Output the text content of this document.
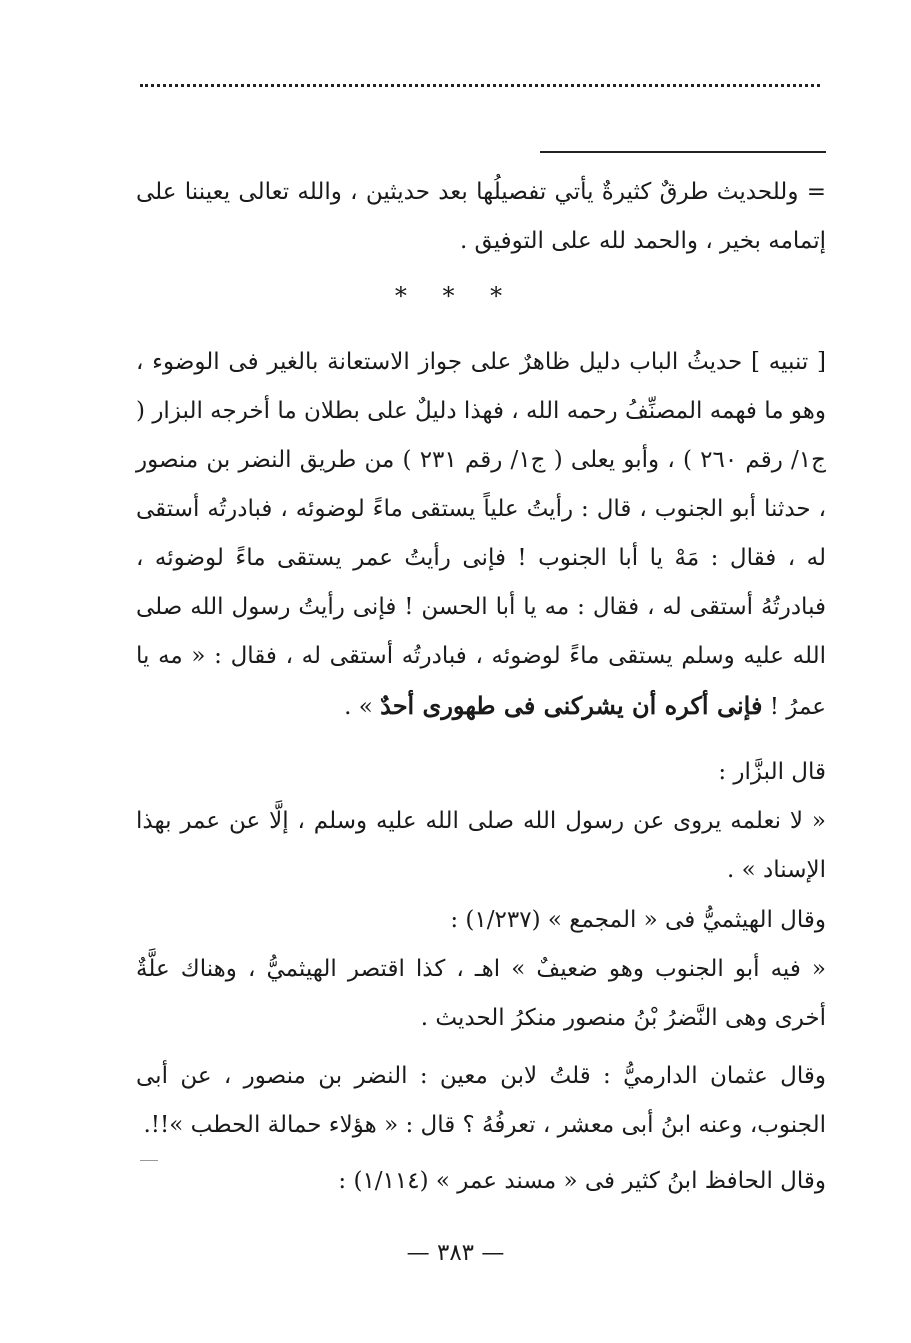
= وللحديث طرقٌ كثيرةٌ يأتي تفصيلُها بعد حديثين ، والله تعالى يعيننا على إتمامه بخير ، والحمد لله على التوفيق .

* * *

[ تنبيه ] حديثُ الباب دليل ظاهرٌ على جواز الاستعانة بالغير فى الوضوء ، وهو ما فهمه المصنِّفُ رحمه الله ، فهذا دليلٌ على بطلان ما أخرجه البزار ( ج١/ رقم ٢٦٠ ) ، وأبو يعلى ( ج١/ رقم ٢٣١ ) من طريق النضر بن منصور ، حدثنا أبو الجنوب ، قال : رأيتُ علياً يستقى ماءً لوضوئه ، فبادرتُه أستقى له ، فقال : مَهْ يا أبا الجنوب ! فإنى رأيتُ عمر يستقى ماءً لوضوئه ، فبادرتُهُ أستقى له ، فقال : مه يا أبا الحسن ! فإنى رأيتُ رسول الله صلى الله عليه وسلم يستقى ماءً لوضوئه ، فبادرتُه أستقى له ، فقال : « مه يا عمرُ ! فإنى أكره أن يشركنى فى طهورى أحدٌ » .

قال البزَّار :

« لا نعلمه يروى عن رسول الله صلى الله عليه وسلم ، إلَّا عن عمر بهذا الإسناد » .

وقال الهيثميُّ فى « المجمع » (١/٢٣٧) :

« فيه أبو الجنوب وهو ضعيفٌ » اهـ ، كذا اقتصر الهيثميُّ ، وهناك علَّةٌ أخرى وهى النَّضرُ بْنُ منصور منكرُ الحديث .

وقال عثمان الدارميُّ : قلتُ لابن معين : النضر بن منصور ، عن أبى الجنوب، وعنه ابنُ أبى معشر ، تعرفُهُ ؟ قال : « هؤلاء حمالة الحطب »!!.

وقال الحافظ ابنُ كثير فى « مسند عمر » (١/١١٤) :

— ٣٨٣ —
